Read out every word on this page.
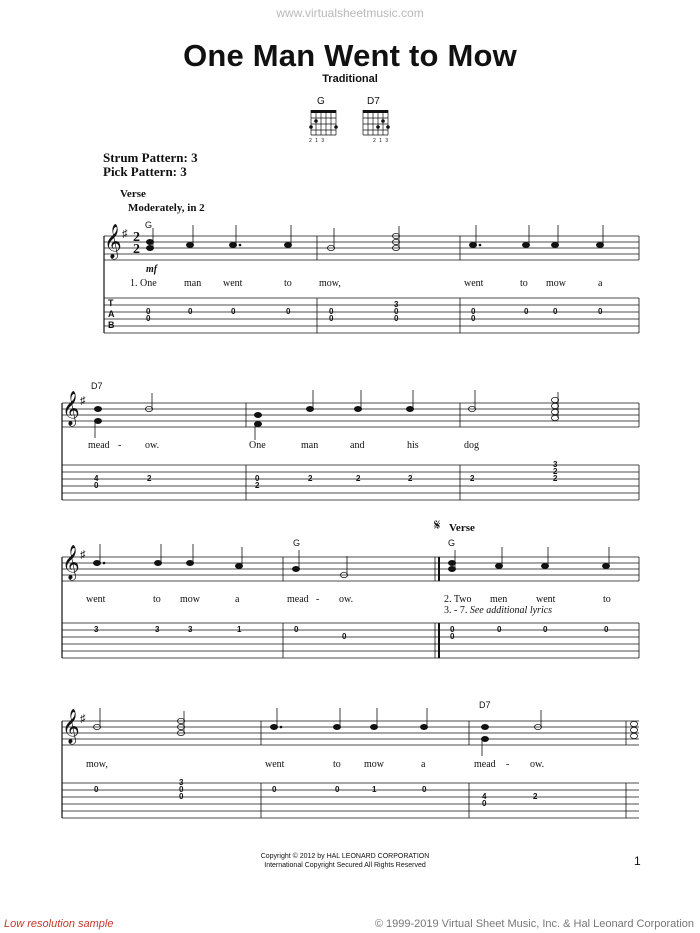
www.virtualsheetmusic.com
One Man Went to Mow
Traditional
G
2 1 3
D7
2 1 3
Strum Pattern: 3
Pick Pattern: 3
Verse
Moderately, in 2
𝄞 ♯ 2
2
G
mf
1. One	man went	to	mow,	went	to mow	a
T
A
B
0
0
0	0	0	0
0
3
0
0
0
0
0	0	0
𝄞 ♯
D7
mead - ow.	One	man	and	his	dog
4
0
2	0
2
2	2	2	2
2
3
2
𝄋 Verse
𝄞 ♯
G	G
went	to mow	a	mead - ow.	2. Two men	went	to
3. - 7. See additional lyrics
3	3	3	1	0
0
0
0
0	0	0
𝄞 ♯
D7
mow,	went	to mow	a	mead - ow.
0
3
0
0
0	0	1	0
4
0
2
Copyright © 2012 by HAL LEONARD CORPORATION
International Copyright Secured All Rights Reserved	1
Low resolution sample	© 1999-2019 Virtual Sheet Music, Inc. & Hal Leonard Corporation
